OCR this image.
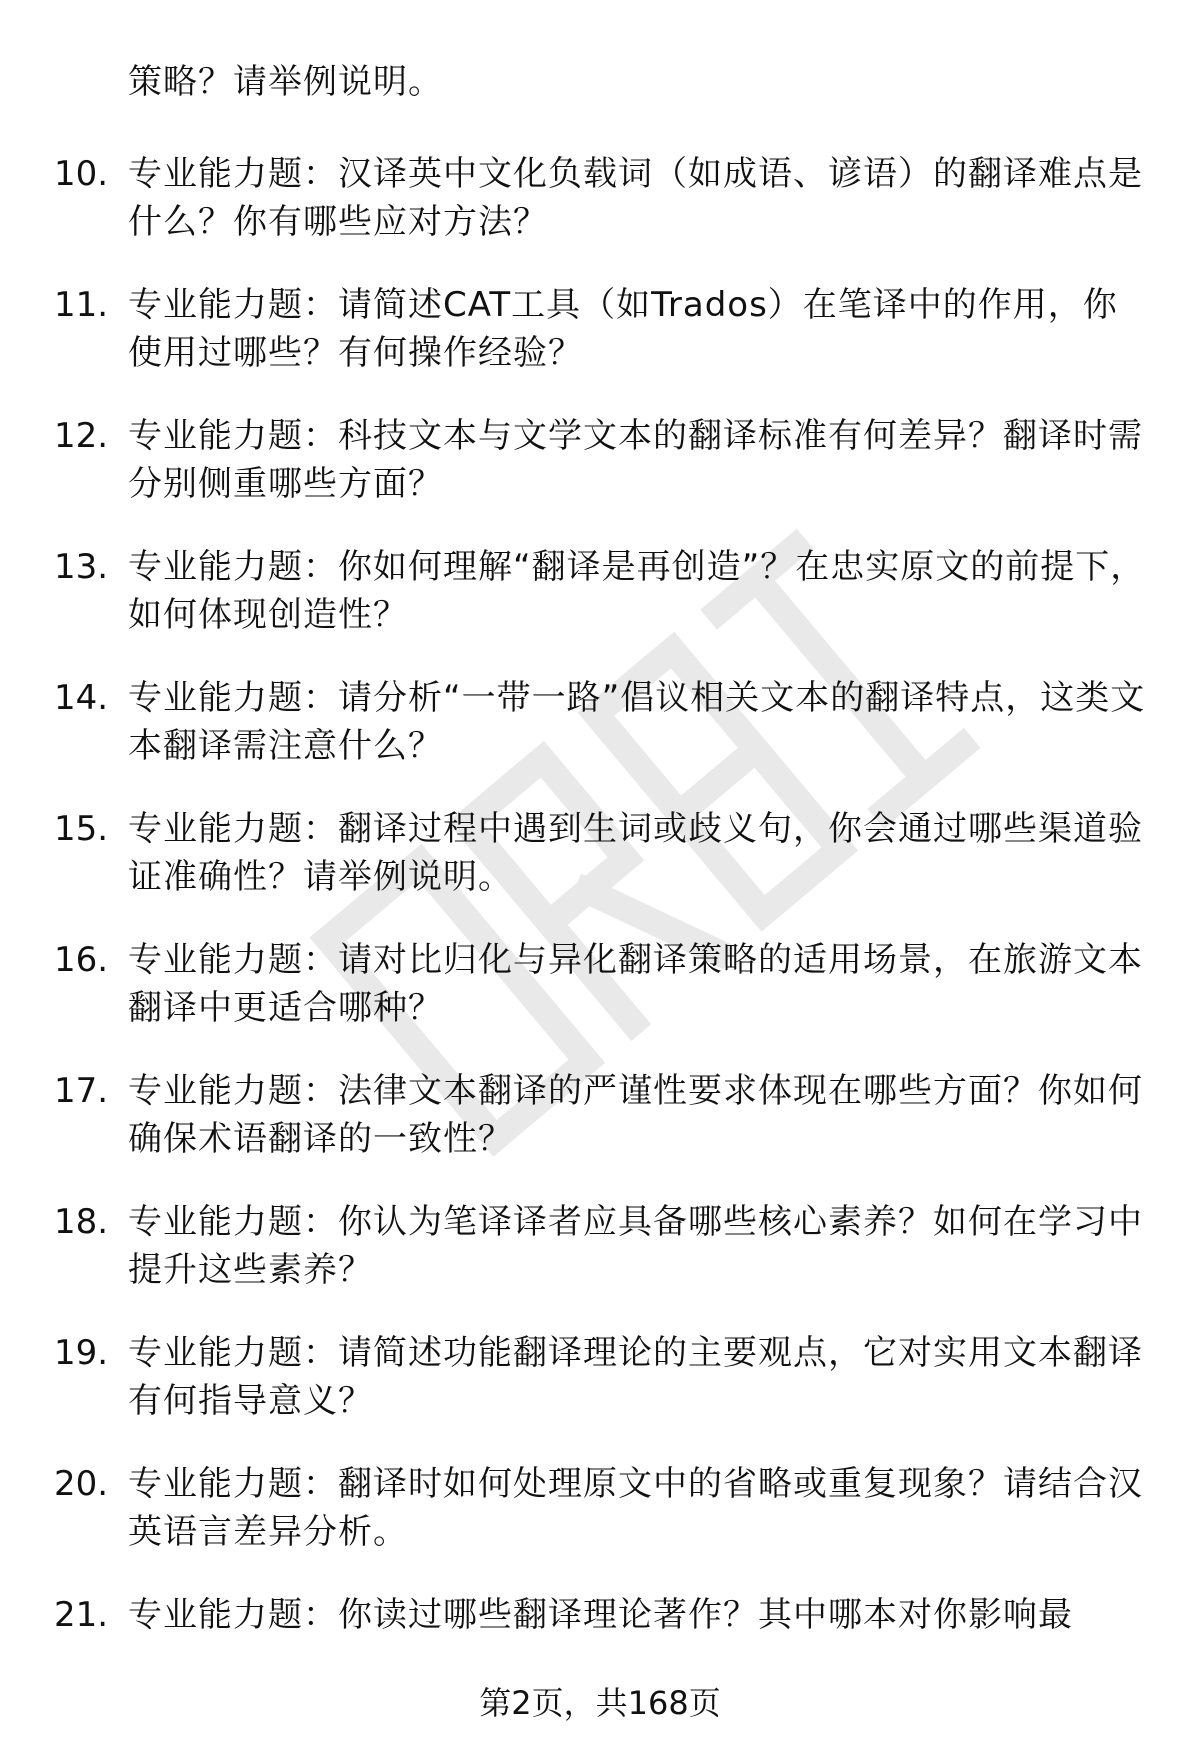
策略？请举例说明。
10. 专业能力题：汉译英中文化负载词（如成语、谚语）的翻译难点是什么？你有哪些应对方法？
11. 专业能力题：请简述CAT工具（如Trados）在笔译中的作用，你使用过哪些？有何操作经验？
12. 专业能力题：科技文本与文学文本的翻译标准有何差异？翻译时需分别侧重哪些方面？
13. 专业能力题：你如何理解“翻译是再创造”？在忠实原文的前提下，如何体现创造性？
14. 专业能力题：请分析“一带一路”倡议相关文本的翻译特点，这类文本翻译需注意什么？
15. 专业能力题：翻译过程中遇到生词或歧义句，你会通过哪些渠道验证准确性？请举例说明。
16. 专业能力题：请对比归化与异化翻译策略的适用场景，在旅游文本翻译中更适合哪种？
17. 专业能力题：法律文本翻译的严谨性要求体现在哪些方面？你如何确保术语翻译的一致性？
18. 专业能力题：你认为笔译译者应具备哪些核心素养？如何在学习中提升这些素养？
19. 专业能力题：请简述功能翻译理论的主要观点，它对实用文本翻译有何指导意义？
20. 专业能力题：翻译时如何处理原文中的省略或重复现象？请结合汉英语言差异分析。
21. 专业能力题：你读过哪些翻译理论著作？其中哪本对你影响最
第2页，共168页
